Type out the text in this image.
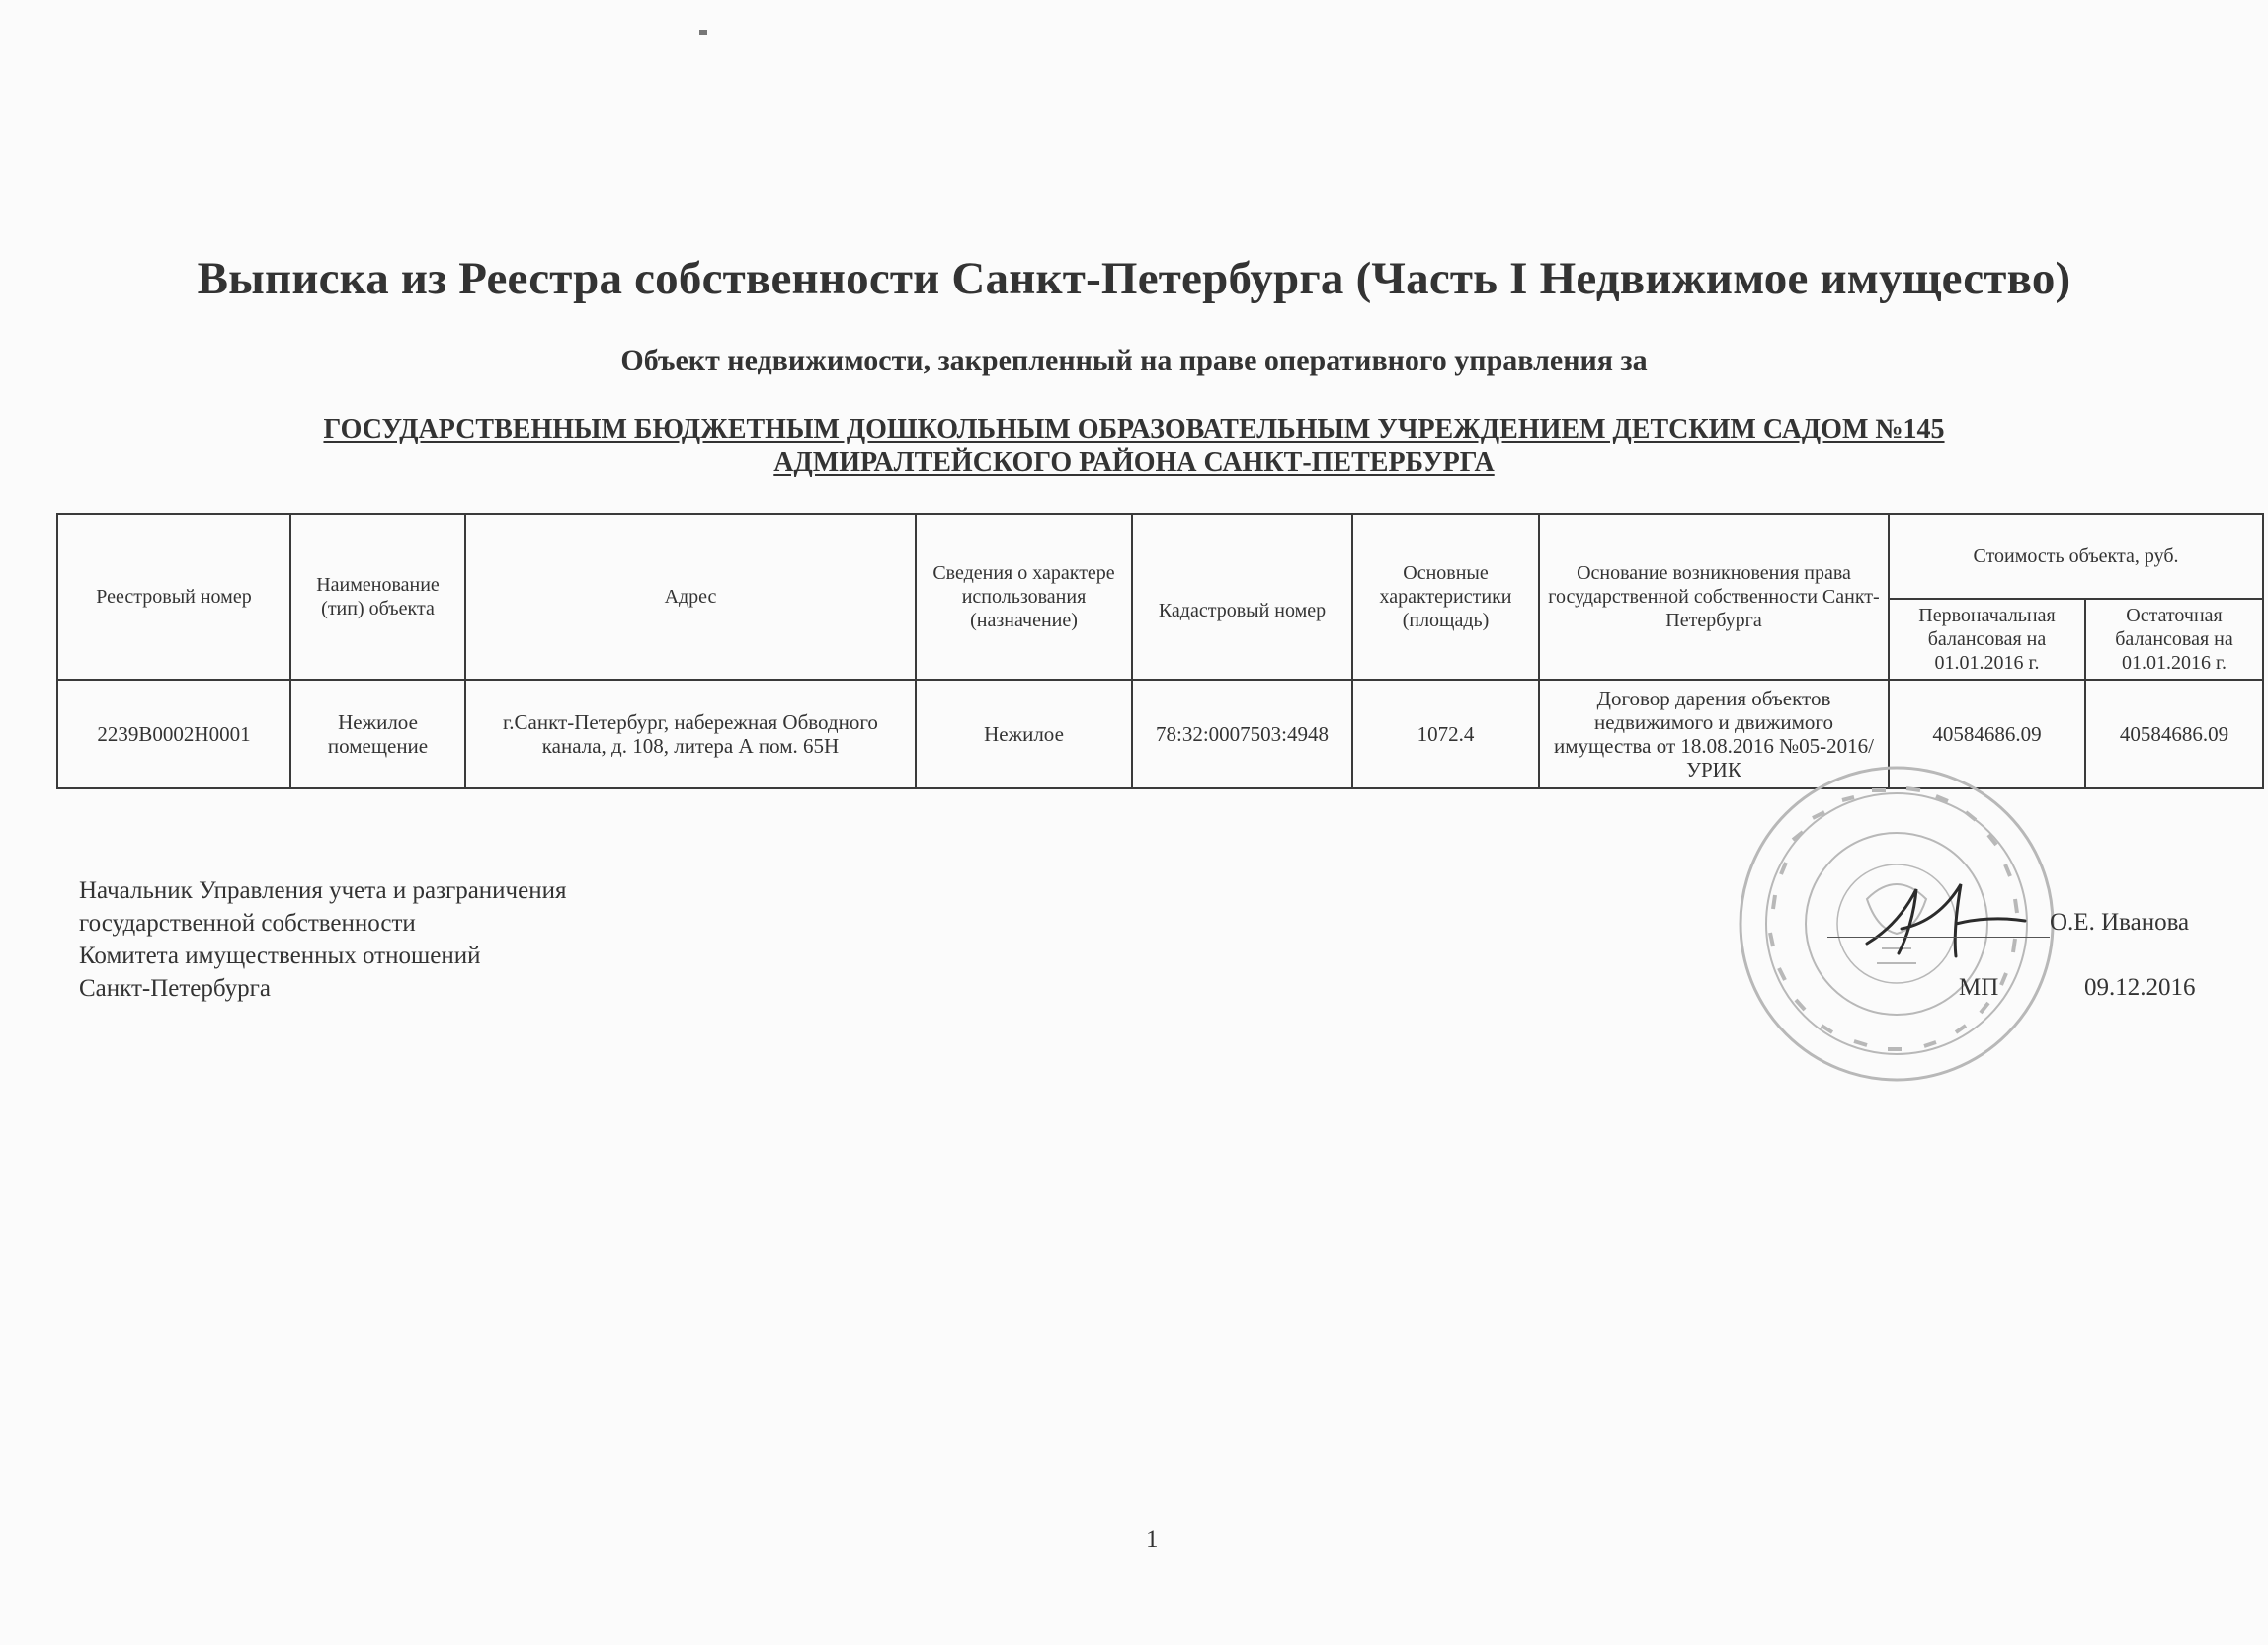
Выписка из Реестра собственности Санкт-Петербурга (Часть I Недвижимое имущество)
Объект недвижимости, закрепленный на праве оперативного управления за
ГОСУДАРСТВЕННЫМ БЮДЖЕТНЫМ ДОШКОЛЬНЫМ ОБРАЗОВАТЕЛЬНЫМ УЧРЕЖДЕНИЕМ ДЕТСКИМ САДОМ №145
АДМИРАЛТЕЙСКОГО РАЙОНА САНКТ-ПЕТЕРБУРГА
Реестровый номер	Наименование (тип) объекта	Адрес	Сведения о характере использования (назначение)	Кадастровый номер	Основные характеристики (площадь)	Основание возникновения права государственной собственности Санкт-Петербурга	Стоимость объекта, руб.	
							Первоначальная балансовая на 01.01.2016 г.	Остаточная балансовая на 01.01.2016 г.
2239B0002H0001	Нежилое помещение	г.Санкт-Петербург, набережная Обводного канала, д. 108, литера А пом. 65Н	Нежилое	78:32:0007503:4948	1072.4	Договор дарения объектов недвижимого и движимого имущества от 18.08.2016 №05-2016/УРИК	40584686.09	40584686.09
Начальник Управления учета и разграничения
государственной собственности
Комитета имущественных отношений
Санкт-Петербурга
О.Е. Иванова
МП	09.12.2016
1
